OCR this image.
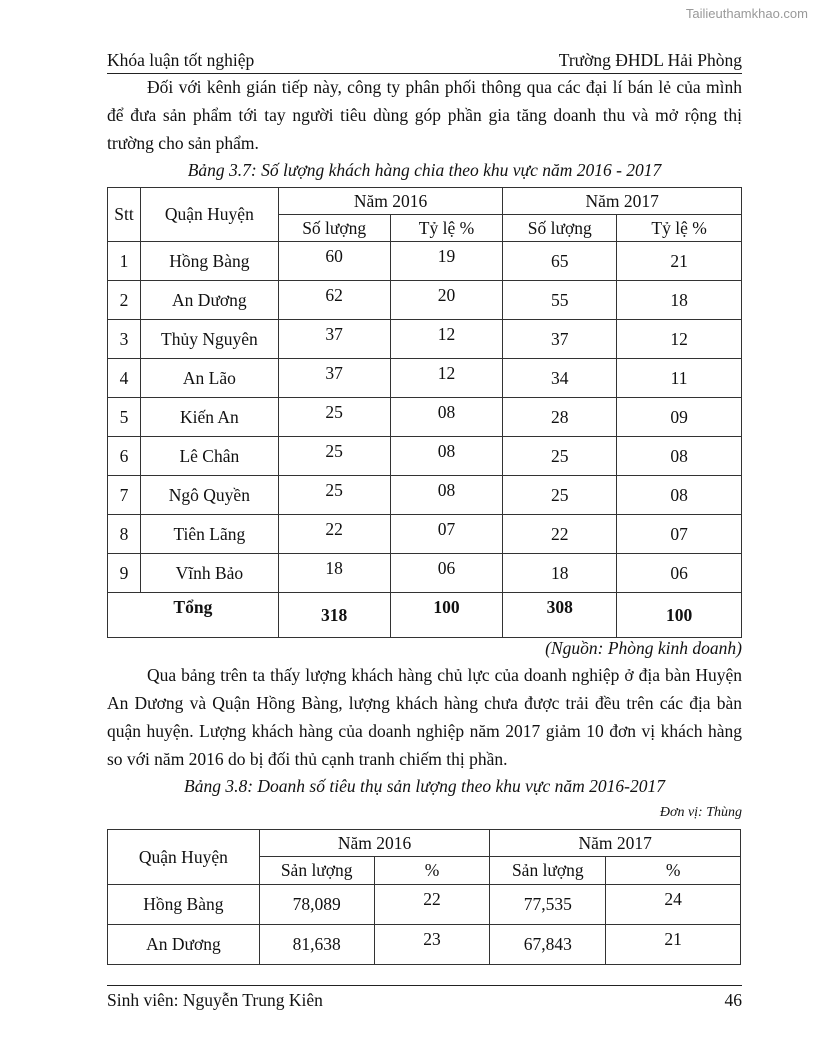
Tailieuthamkhao.com
Khóa luận tốt nghiệp	Trường ĐHDL Hải Phòng
Đối với kênh gián tiếp này, công ty phân phối thông qua các đại lí bán lẻ của mình để đưa sản phẩm tới tay người tiêu dùng góp phần gia tăng doanh thu và mở rộng thị trường cho sản phẩm.
Bảng 3.7: Số lượng khách hàng chia theo khu vực năm 2016 - 2017
Stt	Quận Huyện	Năm 2016		Năm 2017	
		Số lượng	Tỷ lệ %	Số lượng	Tỷ lệ %
1	Hồng Bàng	60	19	65	21
2	An Dương	62	20	55	18
3	Thủy Nguyên	37	12	37	12
4	An Lão	37	12	34	11
5	Kiến An	25	08	28	09
6	Lê Chân	25	08	25	08
7	Ngô Quyền	25	08	25	08
8	Tiên Lãng	22	07	22	07
9	Vĩnh Bảo	18	06	18	06
Tổng		318	100	308	100
(Nguồn: Phòng kinh doanh)
Qua bảng trên ta thấy lượng khách hàng chủ lực của doanh nghiệp ở địa bàn Huyện An Dương và Quận Hồng Bàng, lượng khách hàng chưa được trải đều trên các địa bàn quận huyện. Lượng khách hàng của doanh nghiệp năm 2017 giảm 10 đơn vị khách hàng so với năm 2016 do bị đối thủ cạnh tranh chiếm thị phần.
Bảng 3.8: Doanh số tiêu thụ sản lượng theo khu vực năm 2016-2017
Đơn vị: Thùng
Quận Huyện	Năm 2016		Năm 2017	
	Sản lượng	%	Sản lượng	%
Hồng Bàng	78,089	22	77,535	24
An Dương	81,638	23	67,843	21
Sinh viên: Nguyễn Trung Kiên	46
